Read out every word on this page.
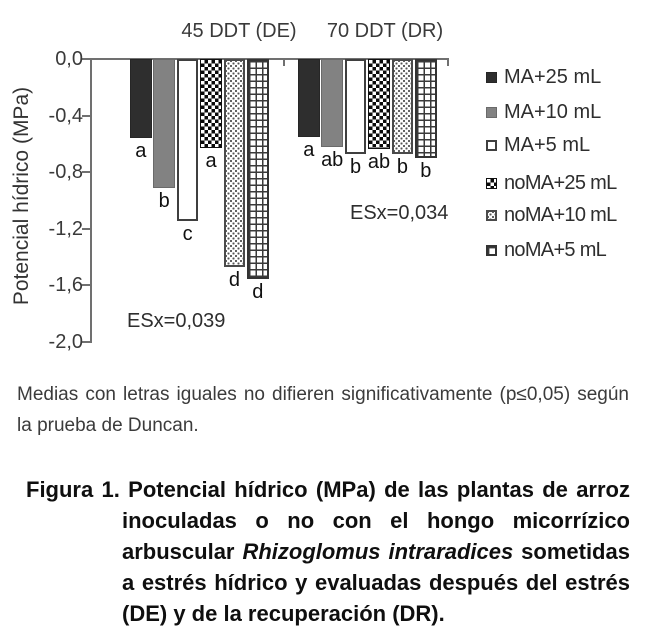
Potencial hídrico (MPa)
0,0
-0,4
-0,8
-1,2
-1,6
-2,0
45 DDT (DE)
a
b
c
a
d
d
ESx=0,039
70 DDT (DR)
a ab b ab b b
ESx=0,034
MA+25 mL
MA+10 mL
MA+5 mL
noMA+25 mL
noMA+10 mL
noMA+5 mL

Medias con letras iguales no difieren significativamente (p≤0,05) según la prueba de Duncan.

Figura 1. Potencial hídrico (MPa) de las plantas de arroz inoculadas o no con el hongo micorrízico arbuscular Rhizoglomus intraradices sometidas a estrés hídrico y evaluadas después del estrés (DE) y de la recuperación (DR).
